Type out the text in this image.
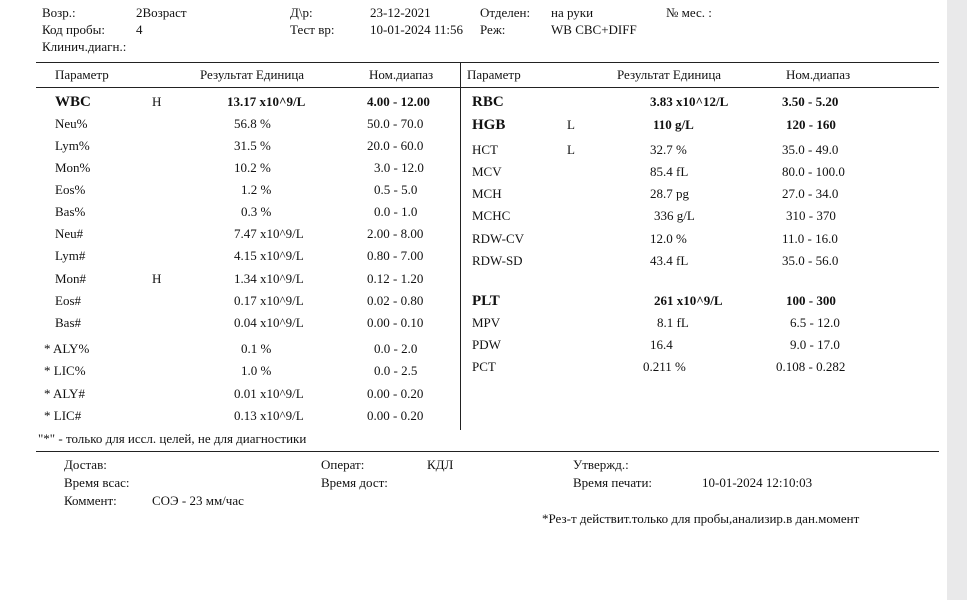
Возр.:	2Возраст	Д\р:	23-12-2021	Отделен: на руки	№ мес. :
Код пробы: 4	Тест вр:	10-01-2024 11:56 Реж:	WB CBC+DIFF
Клинич.диагн.:
Параметр	Результат Единица	Ном.диапаз	Параметр	Результат Единица	Ном.диапаз
WBC	H	13.17 x10^9/L	4.00 - 12.00
Neu%	56.8 %	50.0 - 70.0
Lym%	31.5 %	20.0 - 60.0
Mon%	10.2 %	3.0 - 12.0
Eos%	1.2 %	0.5 - 5.0
Bas%	0.3 %	0.0 - 1.0
Neu#	7.47 x10^9/L	2.00 - 8.00
Lym#	4.15 x10^9/L	0.80 - 7.00
Mon#	H	1.34 x10^9/L	0.12 - 1.20
Eos#	0.17 x10^9/L	0.02 - 0.80
Bas#	0.04 x10^9/L	0.00 - 0.10
* ALY%	0.1 %	0.0 - 2.0
* LIC%	1.0 %	0.0 - 2.5
* ALY#	0.01 x10^9/L	0.00 - 0.20
* LIC#	0.13 x10^9/L	0.00 - 0.20
RBC	3.83 x10^12/L	3.50 - 5.20
HGB	L	110 g/L	120 - 160
HCT	L	32.7 %	35.0 - 49.0
MCV	85.4 fL	80.0 - 100.0
MCH	28.7 pg	27.0 - 34.0
MCHC	336 g/L	310 - 370
RDW-CV	12.0 %	11.0 - 16.0
RDW-SD	43.4 fL	35.0 - 56.0
PLT	261 x10^9/L	100 - 300
MPV	8.1 fL	6.5 - 12.0
PDW	16.4	9.0 - 17.0
PCT	0.211 %	0.108 - 0.282
"*" - только для иссл. целей, не для диагностики
Достав:	Операт:	КДЛ	Утвержд.:
Время всас:	Время дост:	Время печати:	10-01-2024 12:10:03
Коммент:	СОЭ - 23 мм/час
*Рез-т действит.только для пробы,анализир.в дан.момент
